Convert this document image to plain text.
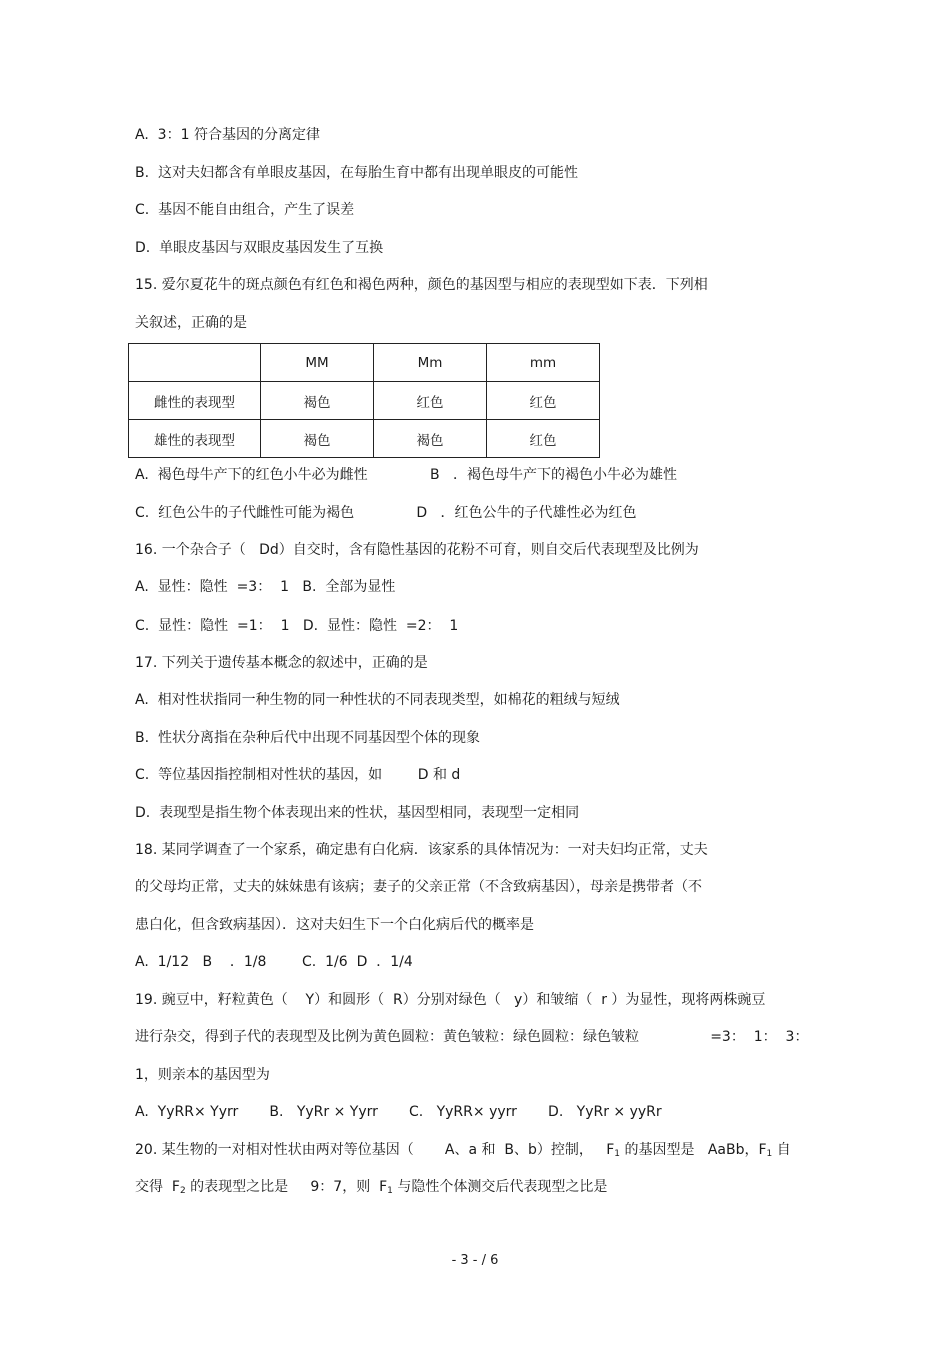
A.  3：1 符合基因的分离定律
B.  这对夫妇都含有单眼皮基因，在每胎生育中都有出现单眼皮的可能性
C.  基因不能自由组合，产生了误差
D.  单眼皮基因与双眼皮基因发生了互换
15. 爱尔夏花牛的斑点颜色有红色和褐色两种，颜色的基因型与相应的表现型如下表．下列相
关叙述，正确的是
	MM	Mm	mm
雌性的表现型	褐色	红色	红色
雄性的表现型	褐色	褐色	红色
A.  褐色母牛产下的红色小牛必为雌性              B   ．褐色母牛产下的褐色小牛必为雄性
C.  红色公牛的子代雌性可能为褐色              D   ．红色公牛的子代雄性必为红色
16. 一个杂合子（   Dd）自交时，含有隐性基因的花粉不可育，则自交后代表现型及比例为
A.  显性：隐性  =3：  1   B.  全部为显性
C.  显性：隐性  =1：  1   D.  显性：隐性  =2：  1
17. 下列关于遗传基本概念的叙述中，正确的是
A.  相对性状指同一种生物的同一种性状的不同表现类型，如棉花的粗绒与短绒
B.  性状分离指在杂种后代中出现不同基因型个体的现象
C.  等位基因指控制相对性状的基因，如        D 和 d
D.  表现型是指生物个体表现出来的性状，基因型相同，表现型一定相同
18. 某同学调查了一个家系，确定患有白化病．该家系的具体情况为：一对夫妇均正常，丈夫
的父母均正常，丈夫的妹妹患有该病；妻子的父亲正常（不含致病基因），母亲是携带者（不
患白化，但含致病基因）．这对夫妇生下一个白化病后代的概率是
A.  1/12   B    ．1/8        C.  1/6  D  ．1/4
19. 豌豆中，籽粒黄色（    Y）和圆形（  R）分别对绿色（   y）和皱缩（  r ）为显性，现将两株豌豆
进行杂交，得到子代的表现型及比例为黄色圆粒：黄色皱粒：绿色圆粒：绿色皱粒                =3：  1：  3：
1，则亲本的基因型为
A.  YyRR× Yyrr       B.   YyRr × Yyrr       C.   YyRR× yyrr       D.   YyRr × yyRr
20. 某生物的一对相对性状由两对等位基因（       A、a 和  B、b）控制，   $F_1$ 的基因型是   AaBb，$F_1$ 自
交得  $F_2$ 的表现型之比是     9：7，则  $F_1$ 与隐性个体测交后代表现型之比是
- 3 - / 6
